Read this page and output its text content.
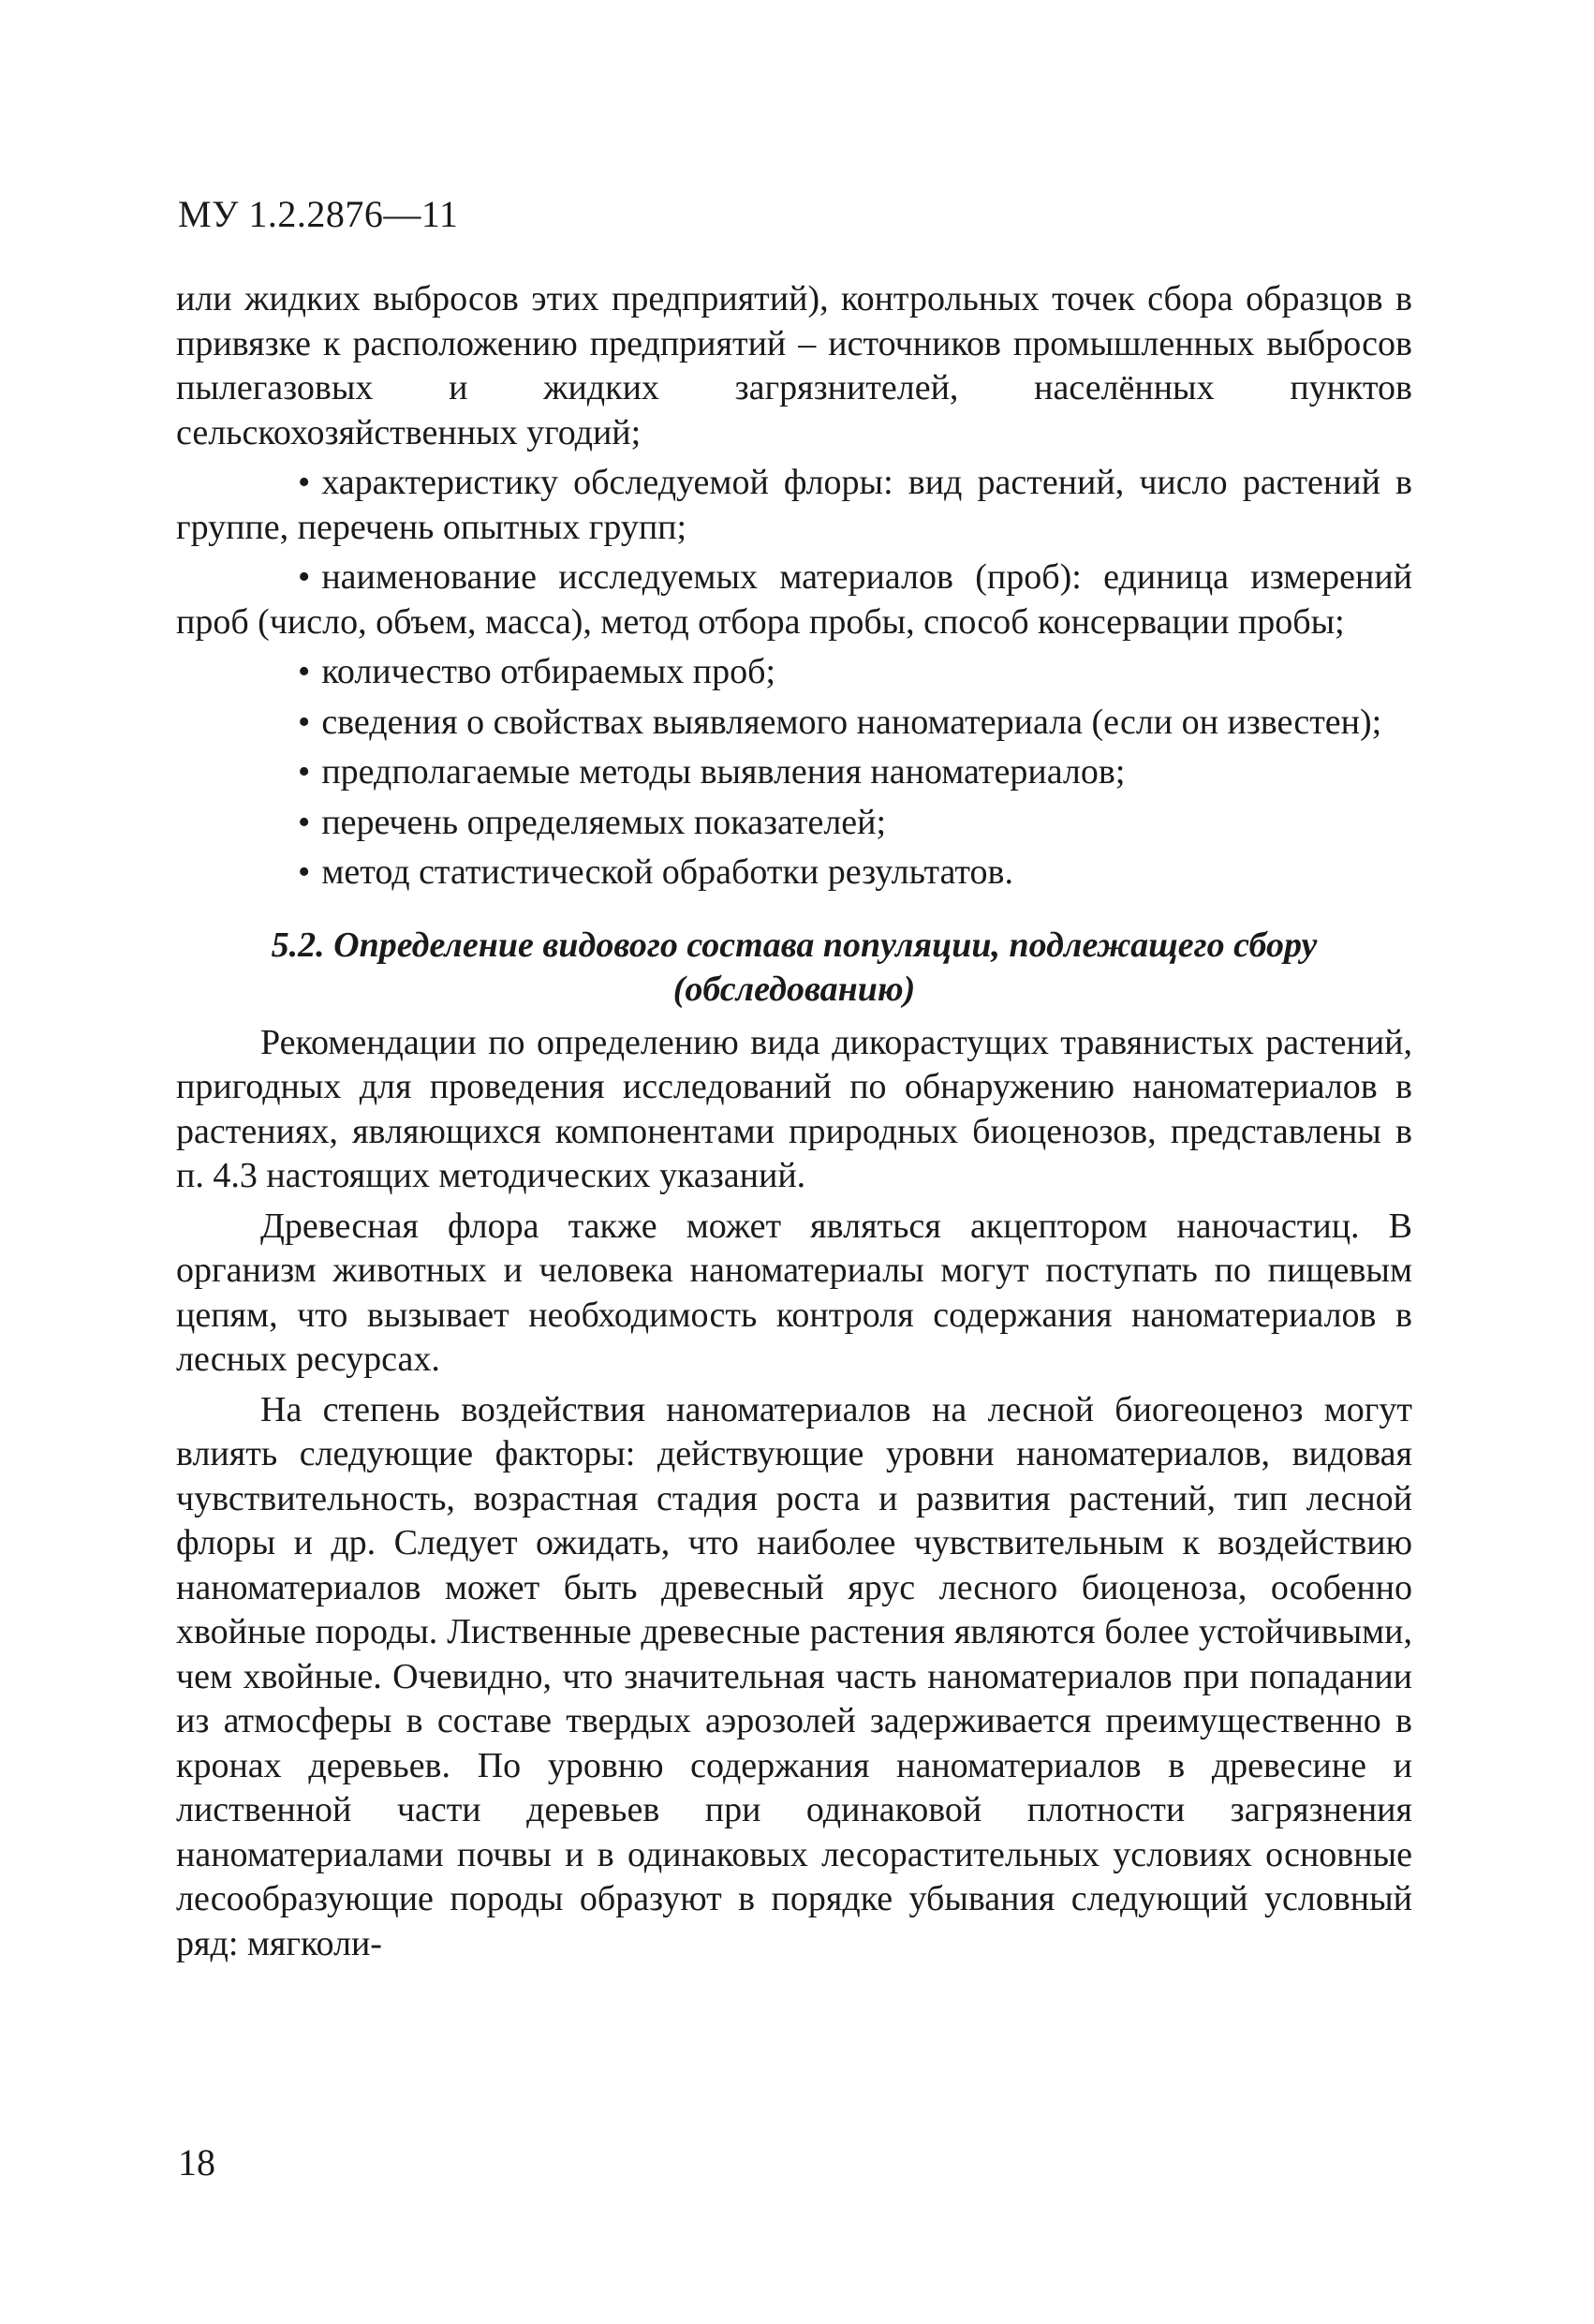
МУ 1.2.2876—11

или жидких выбросов этих предприятий), контрольных точек сбора образцов в привязке к расположению предприятий – источников промышленных выбросов пылегазовых и жидких загрязнителей, населённых пунктов сельскохозяйственных угодий;

• характеристику обследуемой флоры: вид растений, число растений в группе, перечень опытных групп;

• наименование исследуемых материалов (проб): единица измерений проб (число, объем, масса), метод отбора пробы, способ консервации пробы;

• количество отбираемых проб;

• сведения о свойствах выявляемого наноматериала (если он известен);

• предполагаемые методы выявления наноматериалов;

• перечень определяемых показателей;

• метод статистической обработки результатов.

5.2. Определение видового состава популяции, подлежащего сбору (обследованию)

Рекомендации по определению вида дикорастущих травянистых растений, пригодных для проведения исследований по обнаружению наноматериалов в растениях, являющихся компонентами природных биоценозов, представлены в п. 4.3 настоящих методических указаний.

Древесная флора также может являться акцептором наночастиц. В организм животных и человека наноматериалы могут поступать по пищевым цепям, что вызывает необходимость контроля содержания наноматериалов в лесных ресурсах.

На степень воздействия наноматериалов на лесной биогеоценоз могут влиять следующие факторы: действующие уровни наноматериалов, видовая чувствительность, возрастная стадия роста и развития растений, тип лесной флоры и др. Следует ожидать, что наиболее чувствительным к воздействию наноматериалов может быть древесный ярус лесного биоценоза, особенно хвойные породы. Лиственные древесные растения являются более устойчивыми, чем хвойные. Очевидно, что значительная часть наноматериалов при попадании из атмосферы в составе твердых аэрозолей задерживается преимущественно в кронах деревьев. По уровню содержания наноматериалов в древесине и лиственной части деревьев при одинаковой плотности загрязнения наноматериалами почвы и в одинаковых лесорастительных условиях основные лесообразующие породы образуют в порядке убывания следующий условный ряд: мягколи-

18
